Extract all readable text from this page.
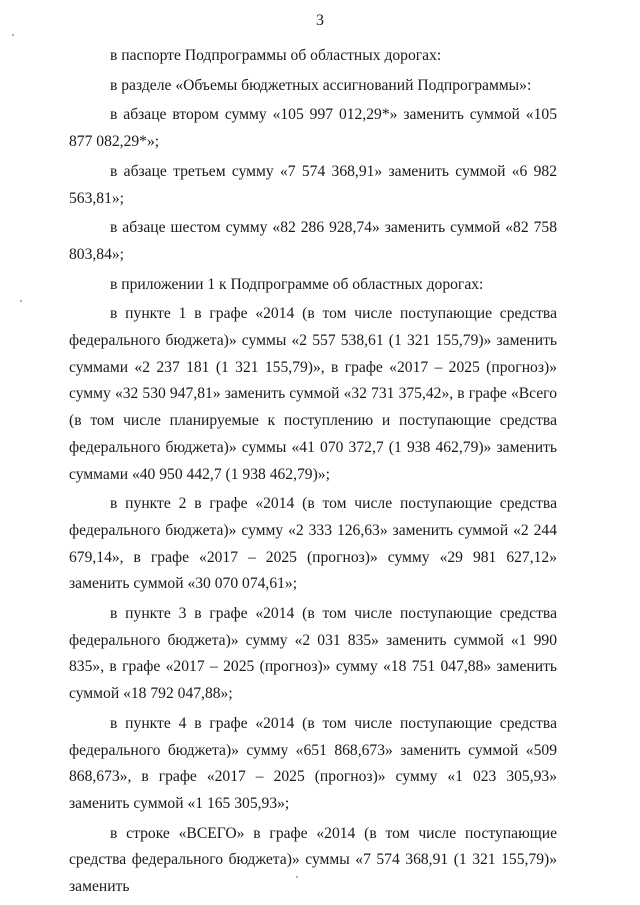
3

в паспорте Подпрограммы об областных дорогах:

в разделе «Объемы бюджетных ассигнований Подпрограммы»:

в абзаце втором сумму «105 997 012,29*» заменить суммой «105 877 082,29*»;

в абзаце третьем сумму «7 574 368,91» заменить суммой «6 982 563,81»;

в абзаце шестом сумму «82 286 928,74» заменить суммой «82 758 803,84»;

в приложении 1 к Подпрограмме об областных дорогах:

в пункте 1 в графе «2014 (в том числе поступающие средства федерального бюджета)» суммы «2 557 538,61 (1 321 155,79)» заменить суммами «2 237 181 (1 321 155,79)», в графе «2017 – 2025 (прогноз)» сумму «32 530 947,81» заменить суммой «32 731 375,42», в графе «Всего (в том числе планируемые к поступлению и поступающие средства федерального бюджета)» суммы «41 070 372,7 (1 938 462,79)» заменить суммами «40 950 442,7 (1 938 462,79)»;

в пункте 2 в графе «2014 (в том числе поступающие средства федерального бюджета)» сумму «2 333 126,63» заменить суммой «2 244 679,14», в графе «2017 – 2025 (прогноз)» сумму «29 981 627,12» заменить суммой «30 070 074,61»;

в пункте 3 в графе «2014 (в том числе поступающие средства федерального бюджета)» сумму «2 031 835» заменить суммой «1 990 835», в графе «2017 – 2025 (прогноз)» сумму «18 751 047,88» заменить суммой «18 792 047,88»;

в пункте 4 в графе «2014 (в том числе поступающие средства федерального бюджета)» сумму «651 868,673» заменить суммой «509 868,673», в графе «2017 – 2025 (прогноз)» сумму «1 023 305,93» заменить суммой «1 165 305,93»;

в строке «ВСЕГО» в графе «2014 (в том числе поступающие средства федерального бюджета)» суммы «7 574 368,91 (1 321 155,79)» заменить
